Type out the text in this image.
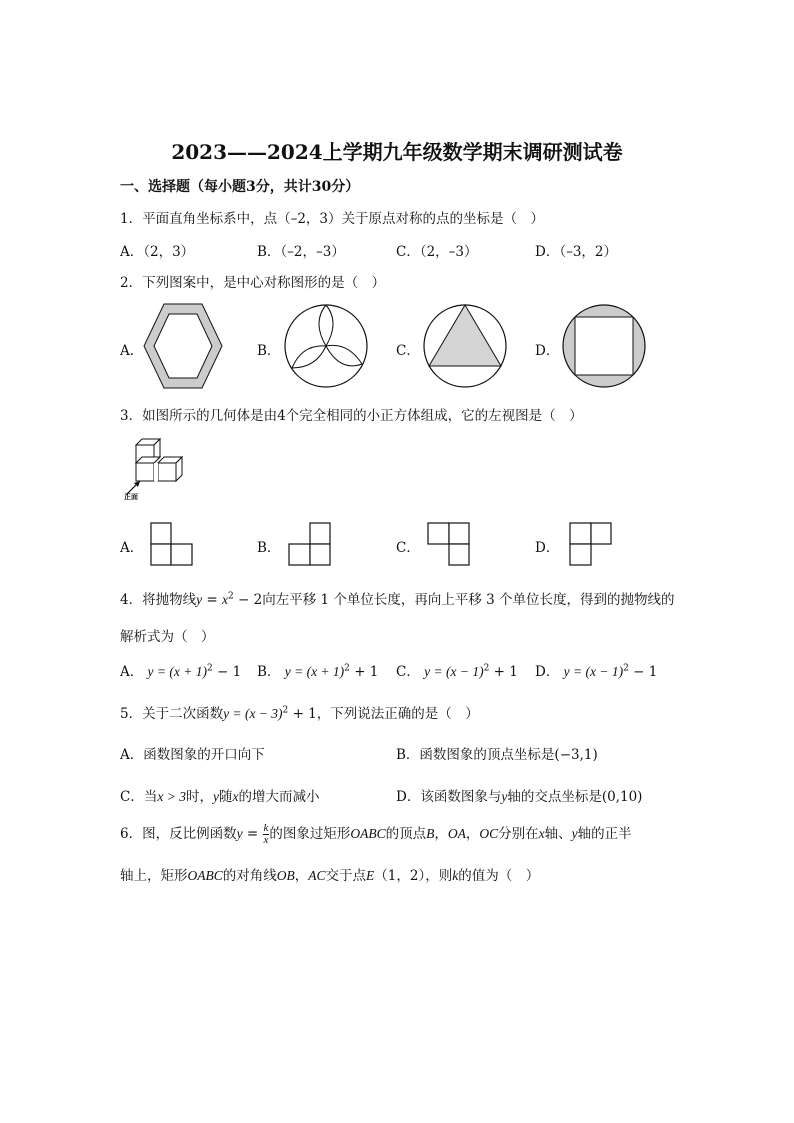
2023——2024上学期九年级数学期末调研测试卷
一、选择题（每小题3分，共计30分）
1．平面直角坐标系中，点（–2，3）关于原点对称的点的坐标是（　）
A．（2，3）	B．（–2，–3）	C．（2，–3）	D．（–3，2）
2．下列图案中，是中心对称图形的是（　）
A．	B．	C．	D．
3．如图所示的几何体是由4个完全相同的小正方体组成，它的左视图是（　）
正面
A．	B．	C．	D．
4．将抛物线$y = x^2 - 2$向左平移 1 个单位长度，再向上平移 3 个单位长度，得到的抛物线的
解析式为（　）
A． $y = (x + 1)^2 - 1$ B． $y = (x + 1)^2 + 1$ C． $y = (x - 1)^2 + 1$ D． $y = (x - 1)^2 - 1$
5．关于二次函数$y = (x - 3)^2 + 1$，下列说法正确的是（　）
A．函数图象的开口向下	B．函数图象的顶点坐标是(−3,1)
C．当x > 3时，y随x的增大而减小	D．该函数图象与y轴的交点坐标是(0,10)
6．图，反比例函数$y = \frac{k}{x}$ 的图象过矩形OABC的顶点B，OA，OC分别在x轴、y轴的正半
轴上，矩形OABC的对角线OB，AC交于点E（1，2），则k的值为（　）
